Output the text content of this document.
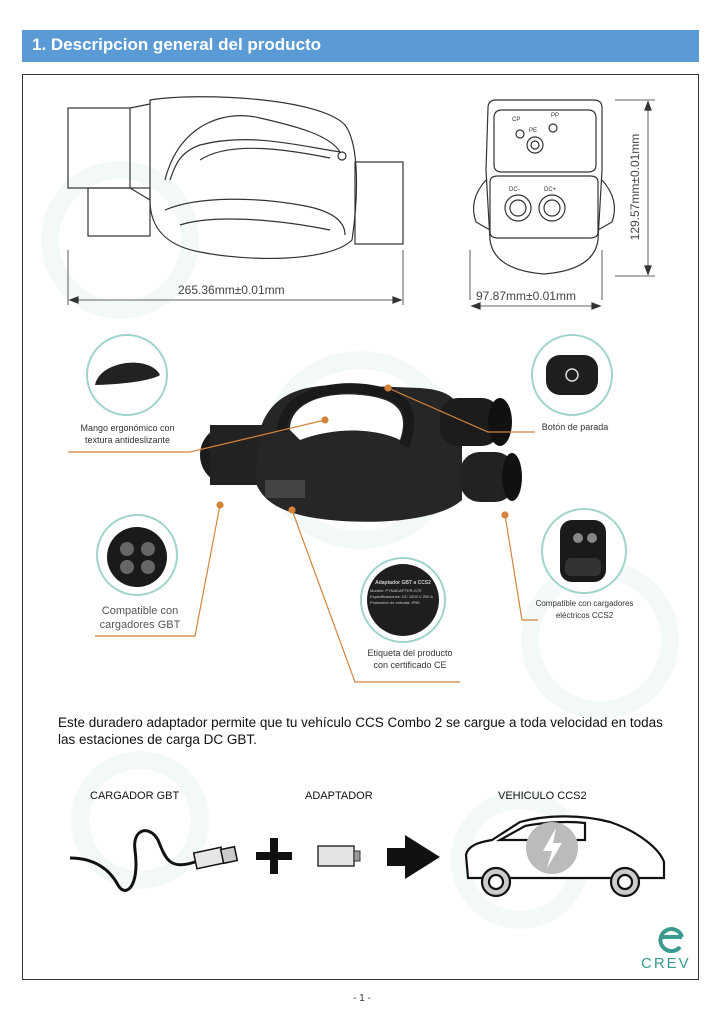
1. Descripcion general del producto
265.36mm±0.01mm	97.87mm±0.01mm
129.57mm±0.01mm
CP
PP
PE
DC-	DC+
Mango ergonómico con
textura antideslizante
Botón de parada
Compatible con
cargadores GBT
Etiqueta del producto
con certificado CE
Compatible con cargadores
eléctricos CCS2
Adaptador GBT a CCS2
Modelo: PYNADAPTER-G7E
Especificaciones: DC 1000 V 250 A
Protección de entrada: IP55
Este duradero adaptador permite que tu vehículo CCS Combo 2 se cargue a toda velocidad en todas las estaciones de carga DC GBT.
CARGADOR GBT	ADAPTADOR	VEHICULO CCS2
CREV
- 1 -
